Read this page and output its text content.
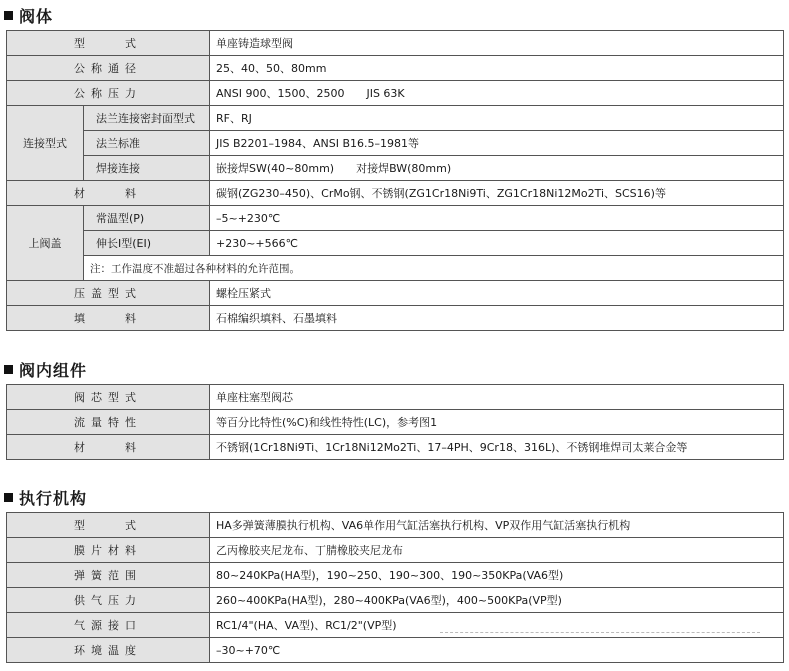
阀体
型　　式		单座铸造球型阀
公称通径		25、40、50、80mm
公称压力		ANSI 900、1500、2500　　JIS 63K
连接型式	法兰连接密封面型式	RF、RJ
	法兰标准	JIS B2201–1984、ANSI B16.5–1981等
	焊接连接	嵌接焊SW(40~80mm)　　对接焊BW(80mm)
材　　料		碳钢(ZG230–450)、CrMo钢、不锈钢(ZG1Cr18Ni9Ti、ZG1Cr18Ni12Mo2Ti、SCS16)等
上阀盖	常温型(P)	–5~+230℃
	伸长I型(EI)	+230~+566℃
	注：工作温度不准超过各种材料的允许范围。	
压盖型式		螺栓压紧式
填　　料		石棉编织填料、石墨填料
阀内组件
阀芯型式	单座柱塞型阀芯
流量特性	等百分比特性(%C)和线性特性(LC)，参考图1
材　　料	不锈钢(1Cr18Ni9Ti、1Cr18Ni12Mo2Ti、17–4PH、9Cr18、316L)、不锈钢堆焊司太莱合金等
执行机构
型　　式	HA多弹簧薄膜执行机构、VA6单作用气缸活塞执行机构、VP双作用气缸活塞执行机构
膜片材料	乙丙橡胶夹尼龙布、丁腈橡胶夹尼龙布
弹簧范围	80~240KPa(HA型)，190~250、190~300、190~350KPa(VA6型)
供气压力	260~400KPa(HA型)，280~400KPa(VA6型)，400~500KPa(VP型)
气源接口	RC1/4"(HA、VA型)、RC1/2"(VP型)
环境温度	–30~+70℃
